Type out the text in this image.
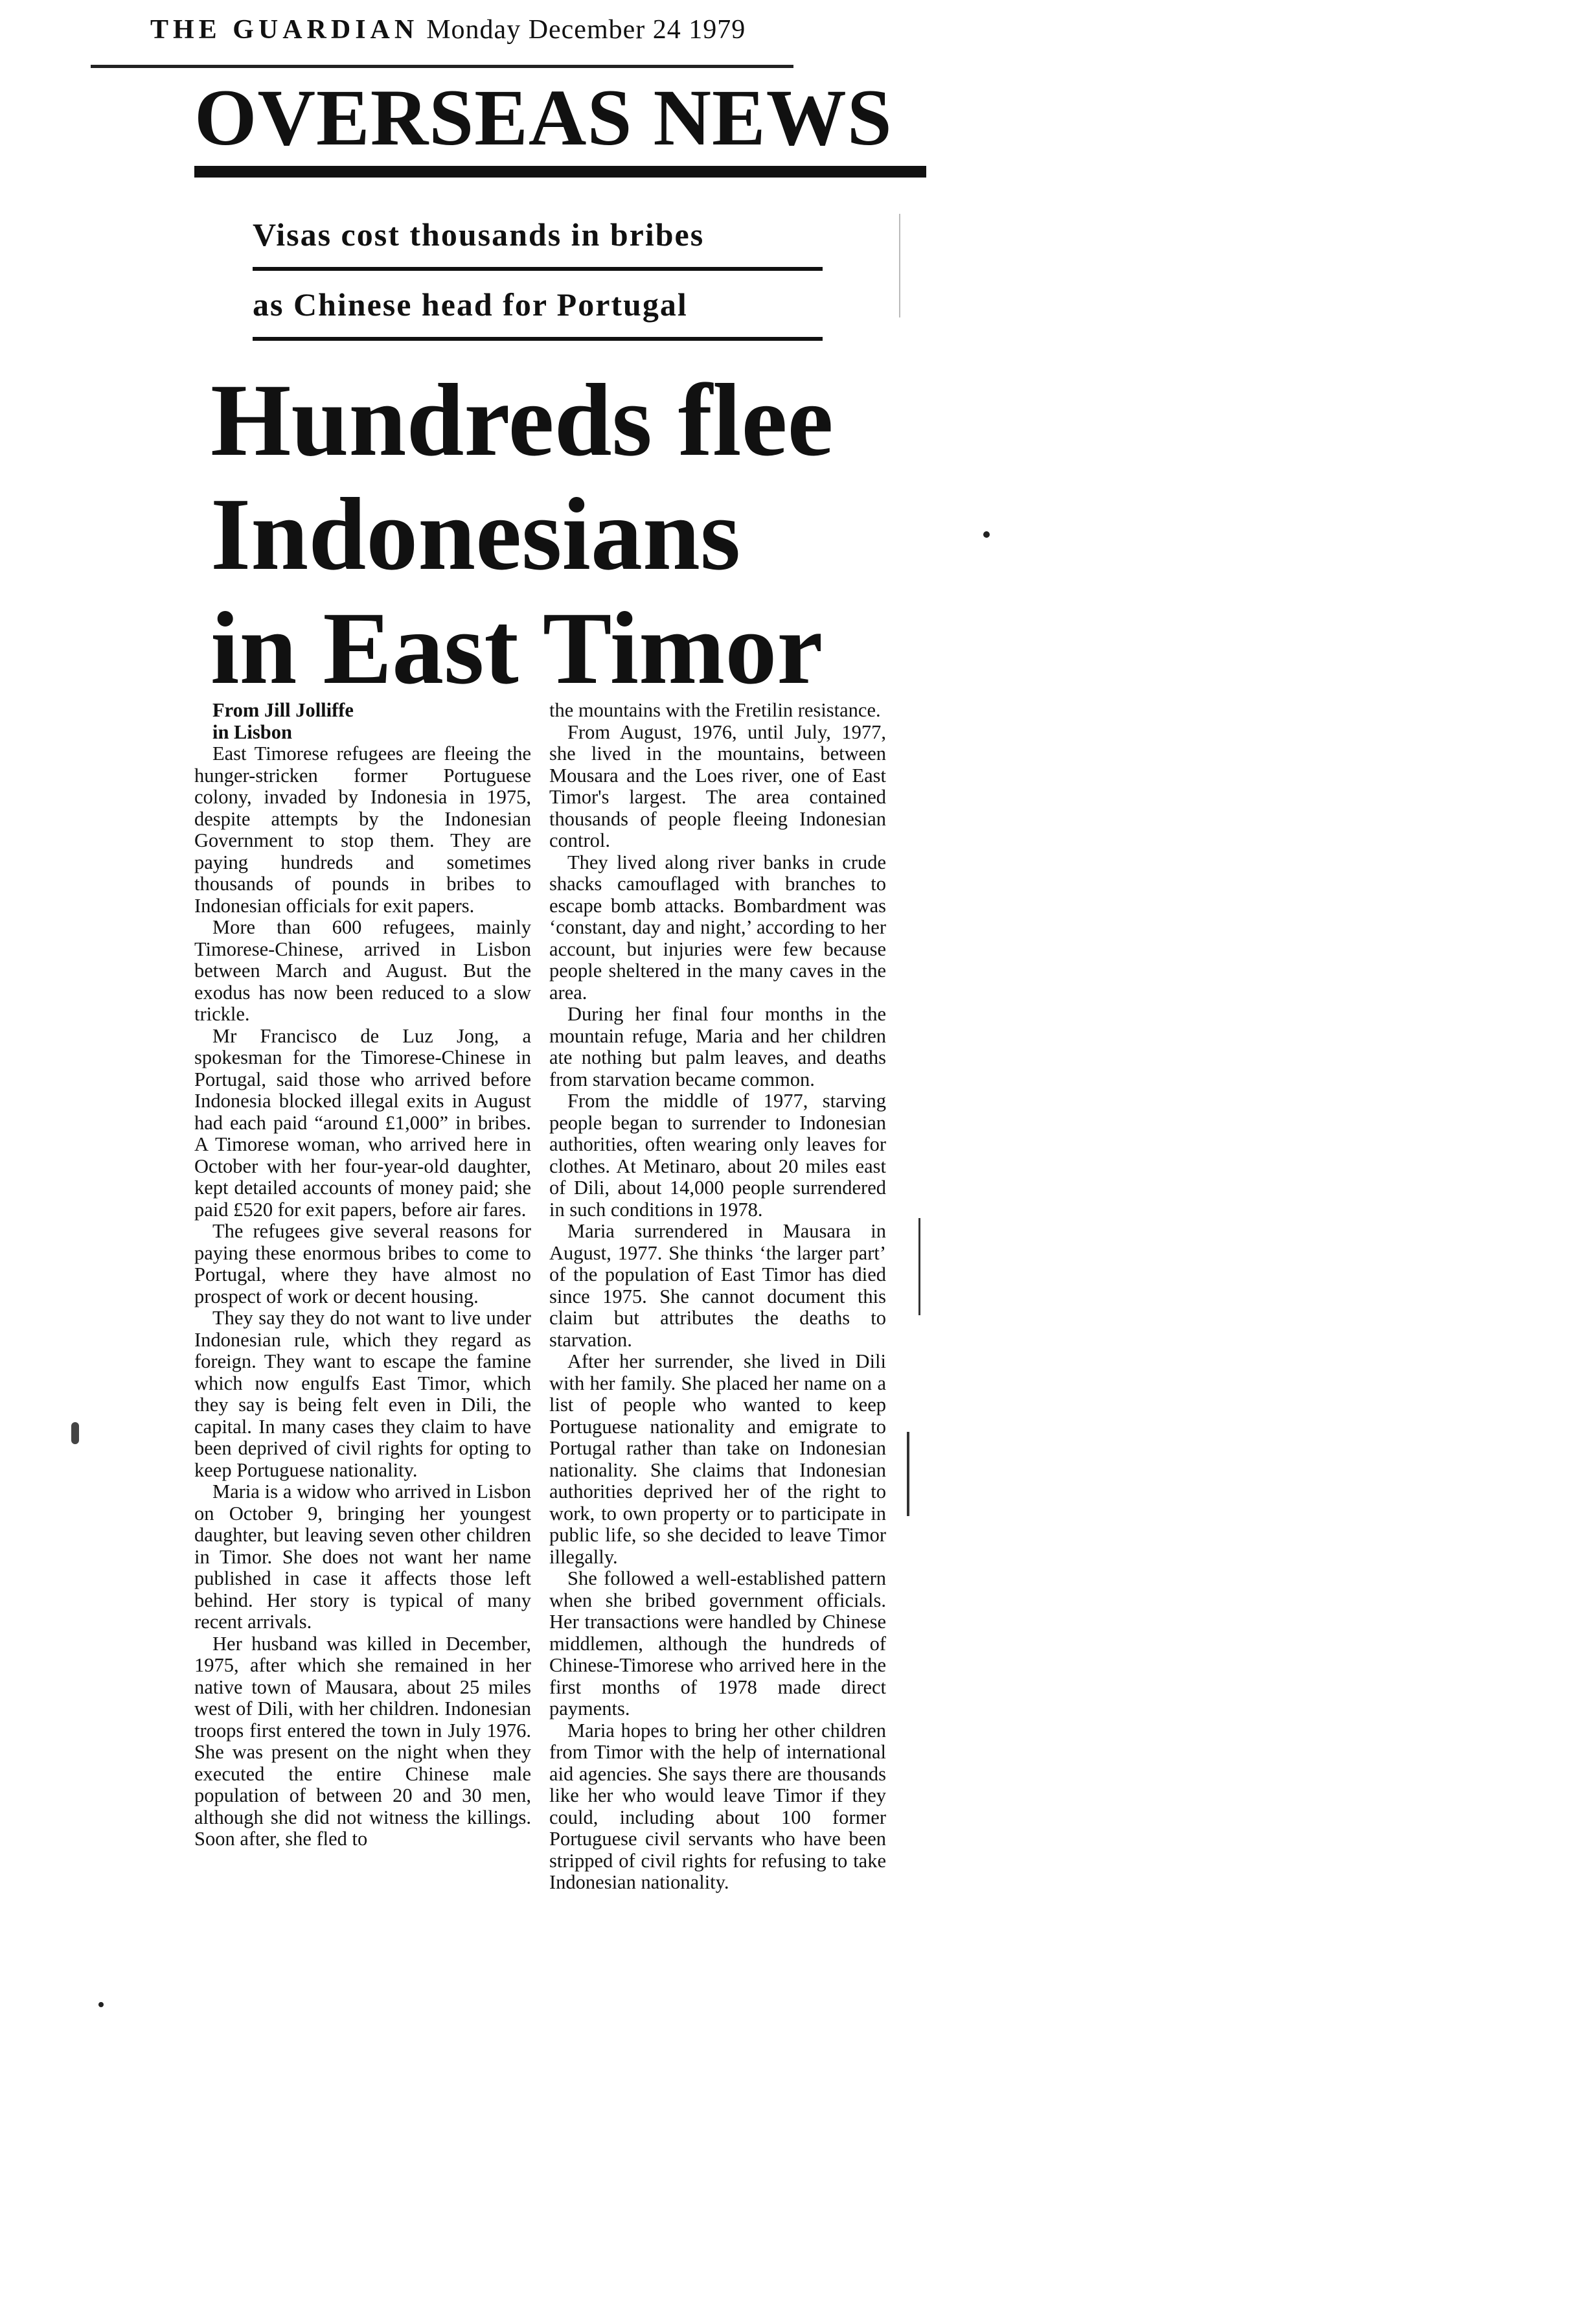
THE GUARDIAN Monday December 24 1979
OVERSEAS NEWS
Visas cost thousands in bribes
as Chinese head for Portugal
Hundreds flee
Indonesians
in East Timor

From Jill Jolliffe
in Lisbon

East Timorese refugees are fleeing the hunger-stricken former Portuguese colony, invaded by Indonesia in 1975, despite attempts by the Indonesian Government to stop them. They are paying hundreds and sometimes thousands of pounds in bribes to Indonesian officials for exit papers.

More than 600 refugees, mainly Timorese-Chinese, arrived in Lisbon between March and August. But the exodus has now been reduced to a slow trickle.

Mr Francisco de Luz Jong, a spokesman for the Timorese-Chinese in Portugal, said those who arrived before Indonesia blocked illegal exits in August had each paid “around £1,000” in bribes. A Timorese woman, who arrived here in October with her four-year-old daughter, kept detailed accounts of money paid; she paid £520 for exit papers, before air fares.

The refugees give several reasons for paying these enormous bribes to come to Portugal, where they have almost no prospect of work or decent housing.

They say they do not want to live under Indonesian rule, which they regard as foreign. They want to escape the famine which now engulfs East Timor, which they say is being felt even in Dili, the capital. In many cases they claim to have been deprived of civil rights for opting to keep Portuguese nationality.

Maria is a widow who arrived in Lisbon on October 9, bringing her youngest daughter, but leaving seven other children in Timor. She does not want her name published in case it affects those left behind. Her story is typical of many recent arrivals.

Her husband was killed in December, 1975, after which she remained in her native town of Mausara, about 25 miles west of Dili, with her children. Indonesian troops first entered the town in July 1976. She was present on the night when they executed the entire Chinese male population of between 20 and 30 men, although she did not witness the killings. Soon after, she fled to

the mountains with the Fretilin resistance.

From August, 1976, until July, 1977, she lived in the mountains, between Mousara and the Loes river, one of East Timor's largest. The area contained thousands of people fleeing Indonesian control.

They lived along river banks in crude shacks camouflaged with branches to escape bomb attacks. Bombardment was ‘constant, day and night,’ according to her account, but injuries were few because people sheltered in the many caves in the area.

During her final four months in the mountain refuge, Maria and her children ate nothing but palm leaves, and deaths from starvation became common.

From the middle of 1977, starving people began to surrender to Indonesian authorities, often wearing only leaves for clothes. At Metinaro, about 20 miles east of Dili, about 14,000 people surrendered in such conditions in 1978.

Maria surrendered in Mausara in August, 1977. She thinks ‘the larger part’ of the population of East Timor has died since 1975. She cannot document this claim but attributes the deaths to starvation.

After her surrender, she lived in Dili with her family. She placed her name on a list of people who wanted to keep Portuguese nationality and emigrate to Portugal rather than take on Indonesian nationality. She claims that Indonesian authorities deprived her of the right to work, to own property or to participate in public life, so she decided to leave Timor illegally.

She followed a well-established pattern when she bribed government officials. Her transactions were handled by Chinese middlemen, although the hundreds of Chinese-Timorese who arrived here in the first months of 1978 made direct payments.

Maria hopes to bring her other children from Timor with the help of international aid agencies. She says there are thousands like her who would leave Timor if they could, including about 100 former Portuguese civil servants who have been stripped of civil rights for refusing to take Indonesian nationality.
